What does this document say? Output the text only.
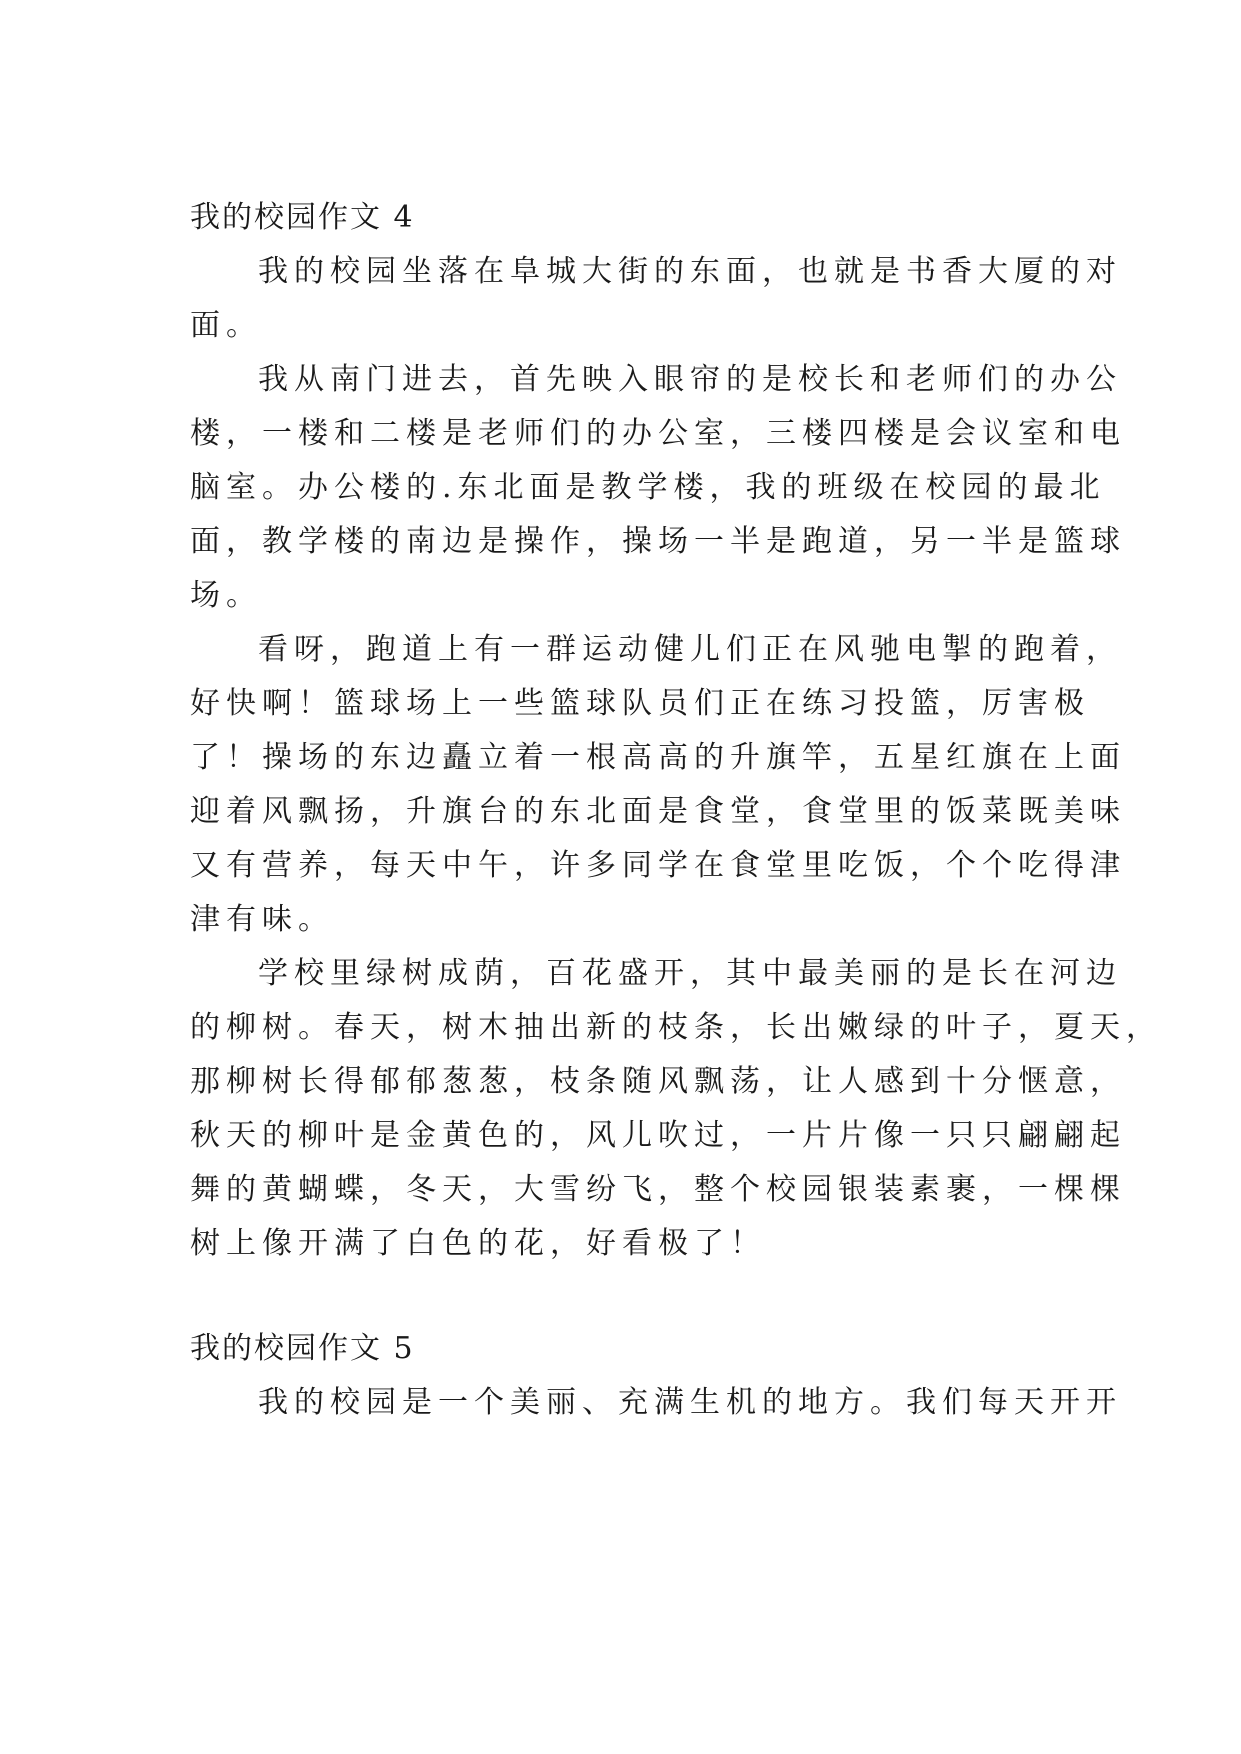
我的校园作文 4
我的校园坐落在阜城大街的东面，也就是书香大厦的对
面。
我从南门进去，首先映入眼帘的是校长和老师们的办公
楼，一楼和二楼是老师们的办公室，三楼四楼是会议室和电
脑室。办公楼的.东北面是教学楼，我的班级在校园的最北
面，教学楼的南边是操作，操场一半是跑道，另一半是篮球
场。
看呀，跑道上有一群运动健儿们正在风驰电掣的跑着，
好快啊！篮球场上一些篮球队员们正在练习投篮，厉害极
了！操场的东边矗立着一根高高的升旗竿，五星红旗在上面
迎着风飘扬，升旗台的东北面是食堂，食堂里的饭菜既美味
又有营养，每天中午，许多同学在食堂里吃饭，个个吃得津
津有味。
学校里绿树成荫，百花盛开，其中最美丽的是长在河边
的柳树。春天，树木抽出新的枝条，长出嫩绿的叶子，夏天，
那柳树长得郁郁葱葱，枝条随风飘荡，让人感到十分惬意，
秋天的柳叶是金黄色的，风儿吹过，一片片像一只只翩翩起
舞的黄蝴蝶，冬天，大雪纷飞，整个校园银装素裹，一棵棵
树上像开满了白色的花，好看极了！
我的校园作文 5
我的校园是一个美丽、充满生机的地方。我们每天开开
